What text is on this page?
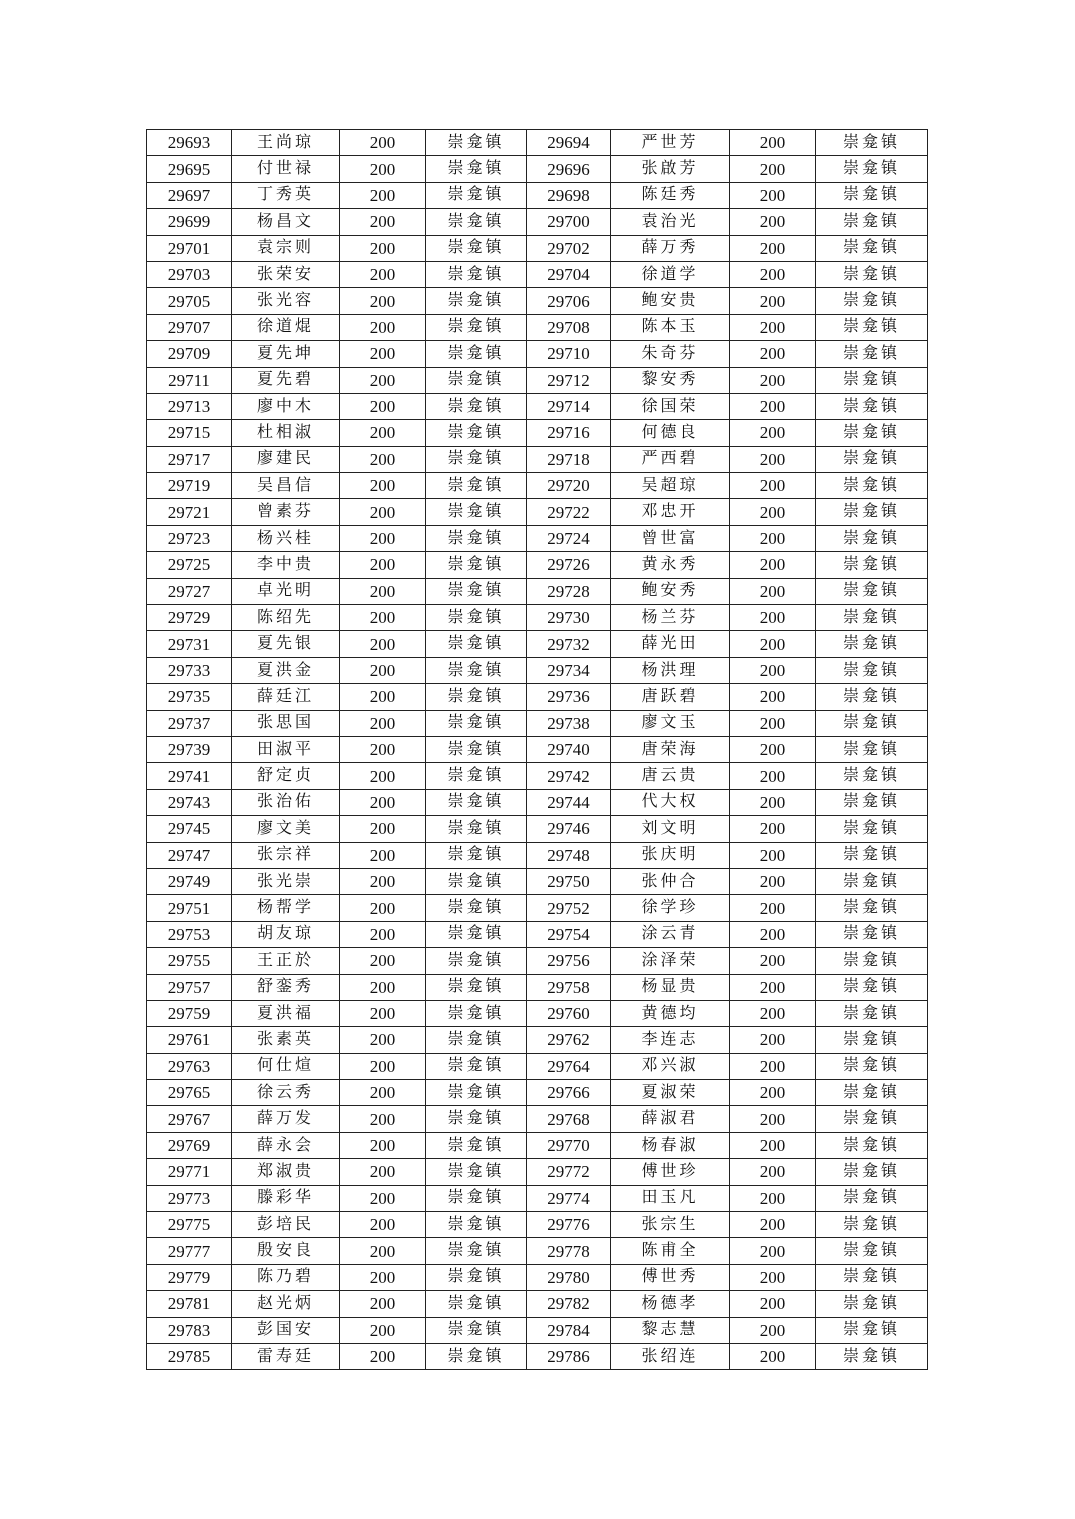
29693	王尚琼	200	崇龛镇	29694	严世芳	200	崇龛镇
29695	付世禄	200	崇龛镇	29696	张啟芳	200	崇龛镇
29697	丁秀英	200	崇龛镇	29698	陈廷秀	200	崇龛镇
29699	杨昌文	200	崇龛镇	29700	袁治光	200	崇龛镇
29701	袁宗则	200	崇龛镇	29702	薛万秀	200	崇龛镇
29703	张荣安	200	崇龛镇	29704	徐道学	200	崇龛镇
29705	张光容	200	崇龛镇	29706	鲍安贵	200	崇龛镇
29707	徐道焜	200	崇龛镇	29708	陈本玉	200	崇龛镇
29709	夏先坤	200	崇龛镇	29710	朱奇芬	200	崇龛镇
29711	夏先碧	200	崇龛镇	29712	黎安秀	200	崇龛镇
29713	廖中木	200	崇龛镇	29714	徐国荣	200	崇龛镇
29715	杜相淑	200	崇龛镇	29716	何德良	200	崇龛镇
29717	廖建民	200	崇龛镇	29718	严西碧	200	崇龛镇
29719	吴昌信	200	崇龛镇	29720	吴超琼	200	崇龛镇
29721	曾素芬	200	崇龛镇	29722	邓忠开	200	崇龛镇
29723	杨兴桂	200	崇龛镇	29724	曾世富	200	崇龛镇
29725	李中贵	200	崇龛镇	29726	黄永秀	200	崇龛镇
29727	卓光明	200	崇龛镇	29728	鲍安秀	200	崇龛镇
29729	陈绍先	200	崇龛镇	29730	杨兰芬	200	崇龛镇
29731	夏先银	200	崇龛镇	29732	薛光田	200	崇龛镇
29733	夏洪金	200	崇龛镇	29734	杨洪理	200	崇龛镇
29735	薛廷江	200	崇龛镇	29736	唐跃碧	200	崇龛镇
29737	张思国	200	崇龛镇	29738	廖文玉	200	崇龛镇
29739	田淑平	200	崇龛镇	29740	唐荣海	200	崇龛镇
29741	舒定贞	200	崇龛镇	29742	唐云贵	200	崇龛镇
29743	张治佑	200	崇龛镇	29744	代大权	200	崇龛镇
29745	廖文美	200	崇龛镇	29746	刘文明	200	崇龛镇
29747	张宗祥	200	崇龛镇	29748	张庆明	200	崇龛镇
29749	张光崇	200	崇龛镇	29750	张仲合	200	崇龛镇
29751	杨帮学	200	崇龛镇	29752	徐学珍	200	崇龛镇
29753	胡友琼	200	崇龛镇	29754	涂云青	200	崇龛镇
29755	王正於	200	崇龛镇	29756	涂泽荣	200	崇龛镇
29757	舒銮秀	200	崇龛镇	29758	杨显贵	200	崇龛镇
29759	夏洪福	200	崇龛镇	29760	黄德均	200	崇龛镇
29761	张素英	200	崇龛镇	29762	李连志	200	崇龛镇
29763	何仕煊	200	崇龛镇	29764	邓兴淑	200	崇龛镇
29765	徐云秀	200	崇龛镇	29766	夏淑荣	200	崇龛镇
29767	薛万发	200	崇龛镇	29768	薛淑君	200	崇龛镇
29769	薛永会	200	崇龛镇	29770	杨春淑	200	崇龛镇
29771	郑淑贵	200	崇龛镇	29772	傅世珍	200	崇龛镇
29773	滕彩华	200	崇龛镇	29774	田玉凡	200	崇龛镇
29775	彭培民	200	崇龛镇	29776	张宗生	200	崇龛镇
29777	殷安良	200	崇龛镇	29778	陈甫全	200	崇龛镇
29779	陈乃碧	200	崇龛镇	29780	傅世秀	200	崇龛镇
29781	赵光炳	200	崇龛镇	29782	杨德孝	200	崇龛镇
29783	彭国安	200	崇龛镇	29784	黎志慧	200	崇龛镇
29785	雷寿廷	200	崇龛镇	29786	张绍连	200	崇龛镇
